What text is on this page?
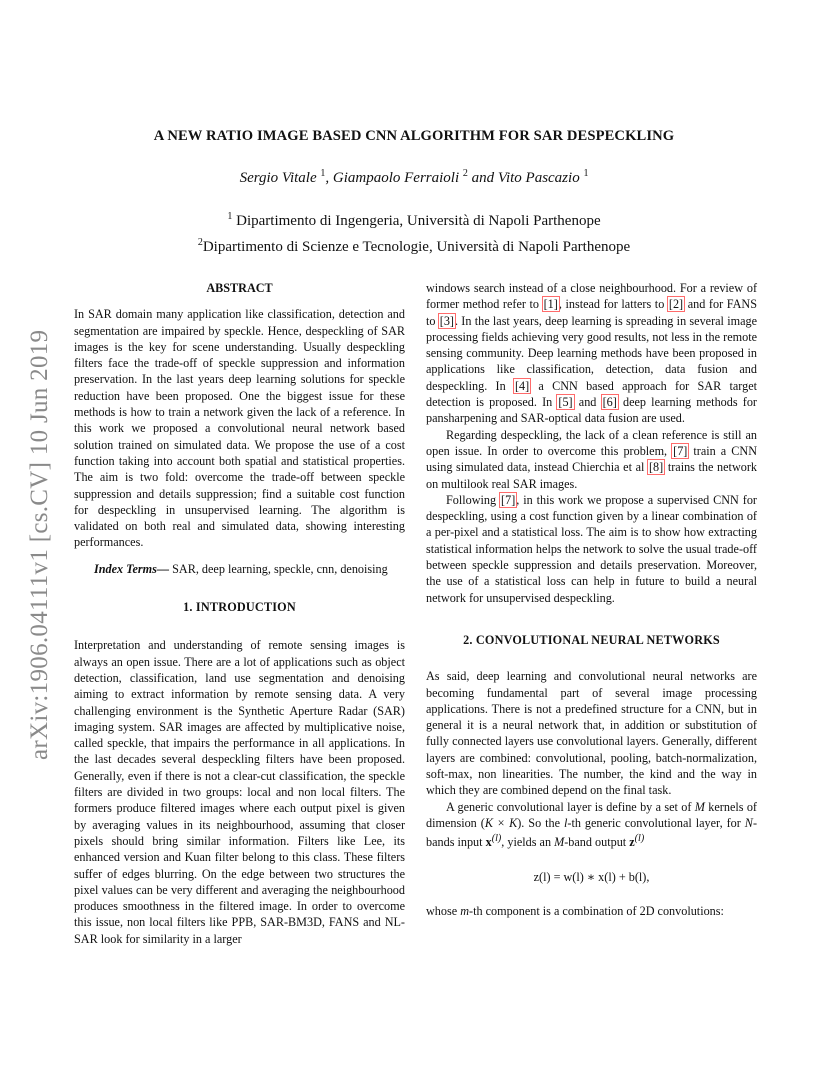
arXiv:1906.04111v1 [cs.CV] 10 Jun 2019
A NEW RATIO IMAGE BASED CNN ALGORITHM FOR SAR DESPECKLING
Sergio Vitale $^1$, Giampaolo Ferraioli $^2$ and Vito Pascazio $^1$
$^1$ Dipartimento di Ingengeria, Università di Napoli Parthenope
$^2$Dipartimento di Scienze e Tecnologie, Università di Napoli Parthenope
ABSTRACT

In SAR domain many application like classification, detection and segmentation are impaired by speckle. Hence, despeckling of SAR images is the key for scene understanding. Usually despeckling filters face the trade-off of speckle suppression and information preservation. In the last years deep learning solutions for speckle reduction have been proposed. One the biggest issue for these methods is how to train a network given the lack of a reference. In this work we proposed a convolutional neural network based solution trained on simulated data. We propose the use of a cost function taking into account both spatial and statistical properties. The aim is two fold: overcome the trade-off between speckle suppression and details suppression; find a suitable cost function for despeckling in unsupervised learning. The algorithm is validated on both real and simulated data, showing interesting performances.

Index Terms— SAR, deep learning, speckle, cnn, denoising

1. INTRODUCTION

Interpretation and understanding of remote sensing images is always an open issue. There are a lot of applications such as object detection, classification, land use segmentation and denoising aiming to extract information by remote sensing data. A very challenging environment is the Synthetic Aperture Radar (SAR) imaging system. SAR images are affected by multiplicative noise, called speckle, that impairs the performance in all applications. In the last decades several despeckling filters have been proposed. Generally, even if there is not a clear-cut classification, the speckle filters are divided in two groups: local and non local filters. The formers produce filtered images where each output pixel is given by averaging values in its neighbourhood, assuming that closer pixels should bring similar information. Filters like Lee, its enhanced version and Kuan filter belong to this class. These filters suffer of edges blurring. On the edge between two structures the pixel values can be very different and averaging the neighbourhood produces smoothness in the filtered image. In order to overcome this issue, non local filters like PPB, SAR-BM3D, FANS and NL-SAR look for similarity in a larger

windows search instead of a close neighbourhood. For a review of former method refer to [1], instead for latters to [2] and for FANS to [3]. In the last years, deep learning is spreading in several image processing fields achieving very good results, not less in the remote sensing community. Deep learning methods have been proposed in applications like classification, detection, data fusion and despeckling. In [4] a CNN based approach for SAR target detection is proposed. In [5] and [6] deep learning methods for pansharpening and SAR-optical data fusion are used.

Regarding despeckling, the lack of a clean reference is still an open issue. In order to overcome this problem, [7] train a CNN using simulated data, instead Chierchia et al [8] trains the network on multilook real SAR images.

Following [7], in this work we propose a supervised CNN for despeckling, using a cost function given by a linear combination of a per-pixel and a statistical loss. The aim is to show how extracting statistical information helps the network to solve the usual trade-off between speckle suppression and details preservation. Moreover, the use of a statistical loss can help in future to build a neural network for unsupervised despeckling.

2. CONVOLUTIONAL NEURAL NETWORKS

As said, deep learning and convolutional neural networks are becoming fundamental part of several image processing applications. There is not a predefined structure for a CNN, but in general it is a neural network that, in addition or substitution of fully connected layers use convolutional layers. Generally, different layers are combined: convolutional, pooling, batch-normalization, soft-max, non linearities. The number, the kind and the way in which they are combined depend on the final task.

A generic convolutional layer is define by a set of M kernels of dimension (K × K). So the l-th generic convolutional layer, for N-bands input $x^{(l)}$, yields an M-band output $z^{(l)}$

z(l) = w(l) ∗ x(l) + b(l),

whose m-th component is a combination of 2D convolutions:
